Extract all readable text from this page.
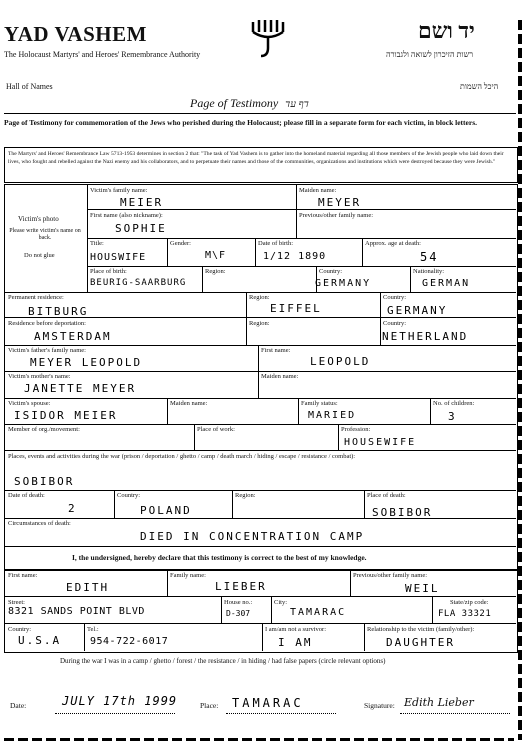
YAD VASHEM
The Holocaust Martyrs' and Heroes' Remembrance Authority
Hall of Names
יד ושם
רשות הזיכרון לשואה ולגבורה
היכל השמות
Page of Testimony דף עד
Page of Testimony for commemoration of the Jews who perished during the Holocaust; please fill in a separate form for each victim, in block letters.
The Martyrs' and Heroes' Remembrance Law 5713-1953 determines in section 2 that: "The task of Yad Vashem is to gather into the homeland material regarding all those members of the Jewish people who laid down their lives, who fought and rebelled against the Nazi enemy and his collaborators, and to perpetuate their names and those of the communities, organizations and institutions which were destroyed because they were Jewish."
Victim's photo
Please write victim's name on back.
Do not glue
Victim's family name:
MEIER
Maiden name:
MEYER
First name (also nickname):
SOPHIE
Previous/other family name:
Title:
HOUSWIFE
Gender:
M\F
Date of birth:
1/12 1890
Approx. age at death:
54
Place of birth:
BEURIG-SAARBURG
Region:	Country:
GERMANY
Nationality:
GERMAN
Permanent residence:
BITBURG
Region:
EIFFEL
Country:
GERMANY
Residence before deportation:
AMSTERDAM
Region:	Country:
NETHERLAND
Victim's father's family name:
MEYER LEOPOLD
First name:
LEOPOLD
Victim's mother's name:
JANETTE MEYER
Maiden name:
Victim's spouse:
ISIDOR MEIER
Maiden name:	Family status:
MARIED
No. of children:
3
Member of org./movement:	Place of work:	Profession:
HOUSEWIFE
Places, events and activities during the war (prison / deportation / ghetto / camp / death march / hiding / escape / resistance / combat):
SOBIBOR
Date of death:
2
Country:
POLAND
Region:	Place of death:
SOBIBOR
Circumstances of death:
DIED IN CONCENTRATION CAMP
I, the undersigned, hereby declare that this testimony is correct to the best of my knowledge.
First name:
EDITH
Family name:
LIEBER
Previous/other family name:
WEIL
Street:
8321 SANDS POINT BLVD
House no.:
D-307
City:
TAMARAC
State/zip code:
FLA 33321
Country:
U.S.A
Tel.:
954-722-6017
I am/am not a survivor:
I AM
Relationship to the victim (family/other):
DAUGHTER
During the war I was in a camp / ghetto / forest / the resistance / in hiding / had false papers (circle relevant options)
Date:	JULY 17th 1999	Place: TAMARAC	Signature: Edith Lieber
